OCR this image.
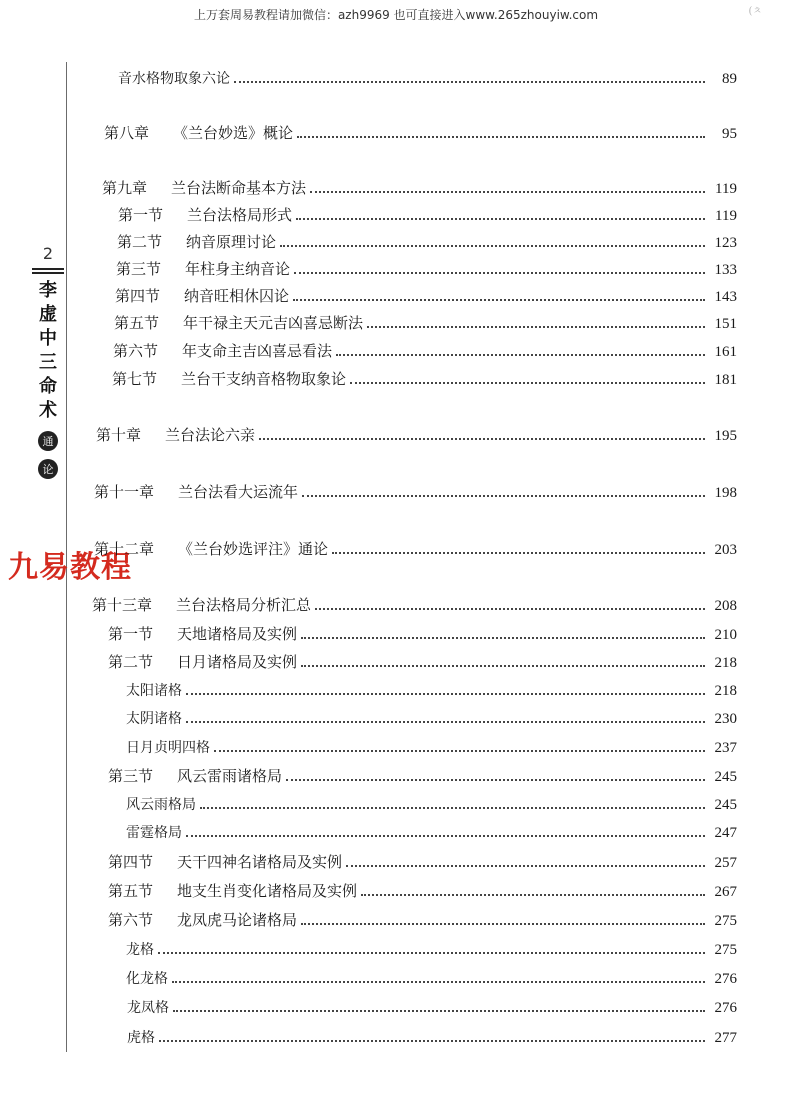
上万套周易教程请加微信：azh9969 也可直接进入www.265zhouyiw.com	(ㅊ
2
李
虚
中
三
命
术
通
论
九易教程
音水格物取象六论	89
第八章 《兰台妙选》概论	95
第九章 兰台法断命基本方法	119
第一节 兰台法格局形式	119
第二节 纳音原理讨论	123
第三节 年柱身主纳音论	133
第四节 纳音旺相休囚论	143
第五节 年干禄主天元吉凶喜忌断法	151
第六节 年支命主吉凶喜忌看法	161
第七节 兰台干支纳音格物取象论	181
第十章 兰台法论六亲	195
第十一章 兰台法看大运流年	198
第十二章 《兰台妙选评注》通论	203
第十三章 兰台法格局分析汇总	208
第一节 天地诸格局及实例	210
第二节 日月诸格局及实例	218
太阳诸格	218
太阴诸格	230
日月贞明四格	237
第三节 风云雷雨诸格局	245
风云雨格局	245
雷霆格局	247
第四节 天干四神名诸格局及实例	257
第五节 地支生肖变化诸格局及实例	267
第六节 龙凤虎马论诸格局	275
龙格	275
化龙格	276
龙凤格	276
虎格	277
